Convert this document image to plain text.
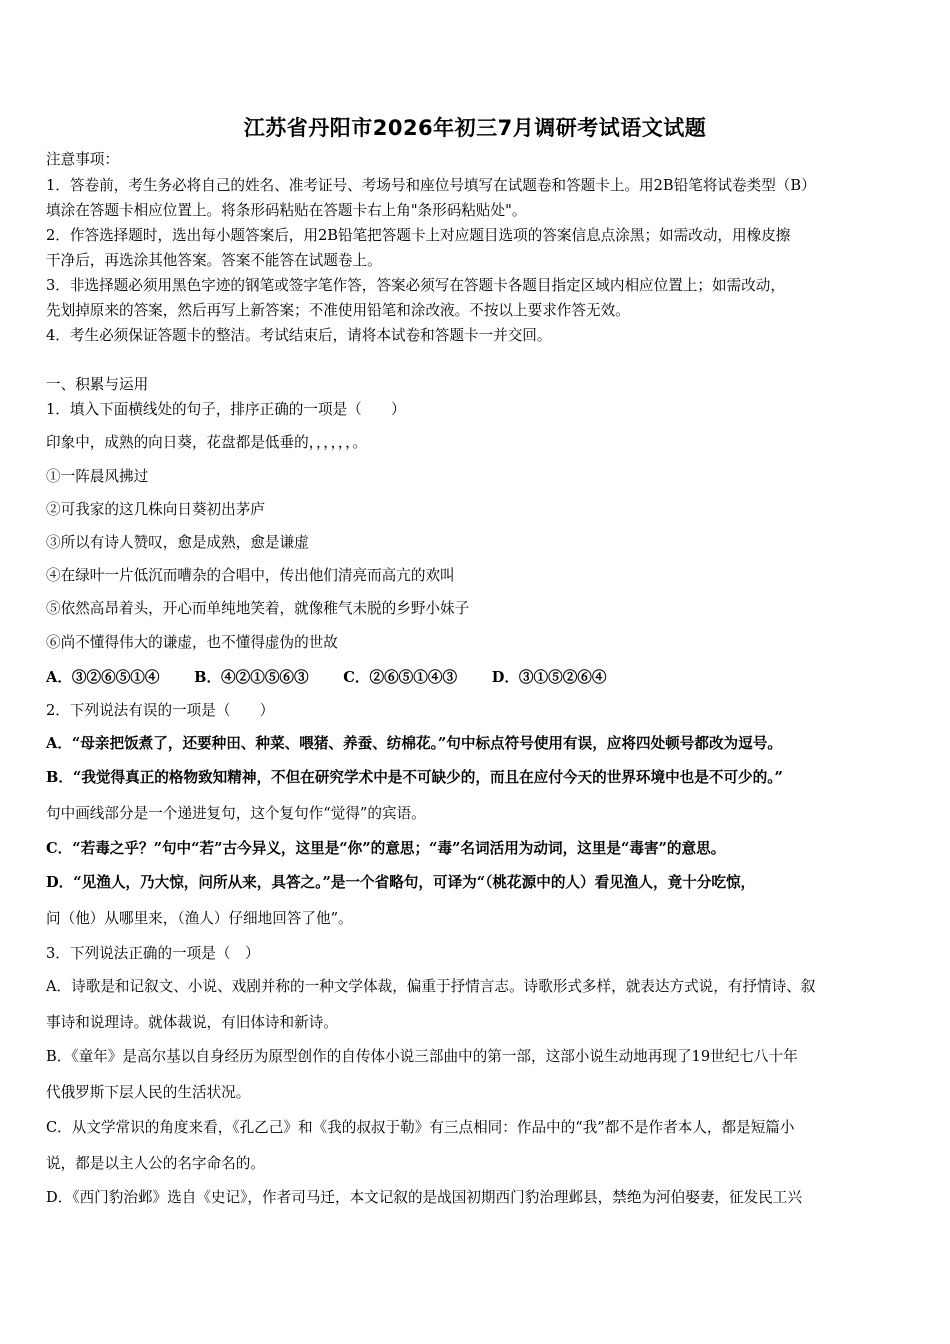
江苏省丹阳市2026年初三7月调研考试语文试题
注意事项：
1．答卷前，考生务必将自己的姓名、准考证号、考场号和座位号填写在试题卷和答题卡上。用2B铅笔将试卷类型（B）
填涂在答题卡相应位置上。将条形码粘贴在答题卡右上角"条形码粘贴处"。
2．作答选择题时，选出每小题答案后，用2B铅笔把答题卡上对应题目选项的答案信息点涂黑；如需改动，用橡皮擦
干净后，再选涂其他答案。答案不能答在试题卷上。
3．非选择题必须用黑色字迹的钢笔或签字笔作答，答案必须写在答题卡各题目指定区域内相应位置上；如需改动，
先划掉原来的答案，然后再写上新答案；不准使用铅笔和涂改液。不按以上要求作答无效。
4．考生必须保证答题卡的整洁。考试结束后，请将本试卷和答题卡一并交回。
一、积累与运用
1．填入下面横线处的句子，排序正确的一项是（　　）
印象中，成熟的向日葵，花盘都是低垂的，，，，，，。
①一阵晨风拂过
②可我家的这几株向日葵初出茅庐
③所以有诗人赞叹，愈是成熟，愈是谦虚
④在绿叶一片低沉而嘈杂的合唱中，传出他们清亮而高亢的欢叫
⑤依然高昂着头，开心而单纯地笑着，就像稚气未脱的乡野小妹子
⑥尚不懂得伟大的谦虚，也不懂得虚伪的世故
A．③②⑥⑤①④ B．④②①⑤⑥③ C．②⑥⑤①④③ D．③①⑤②⑥④
2．下列说法有误的一项是（　　）
A．“母亲把饭煮了，还要种田、种菜、喂猪、养蚕、纺棉花。”句中标点符号使用有误，应将四处顿号都改为逗号。
B．“我觉得真正的格物致知精神，不但在研究学术中是不可缺少的，而且在应付今天的世界环境中也是不可少的。”
句中画线部分是一个递进复句，这个复句作“觉得”的宾语。
C．“若毒之乎？”句中“若”古今异义，这里是“你”的意思；“毒”名词活用为动词，这里是“毒害”的意思。
D．“见渔人，乃大惊，问所从来，具答之。”是一个省略句，可译为“（桃花源中的人）看见渔人，竟十分吃惊，
问（他）从哪里来，（渔人）仔细地回答了他”。
3．下列说法正确的一项是（　）
A．诗歌是和记叙文、小说、戏剧并称的一种文学体裁，偏重于抒情言志。诗歌形式多样，就表达方式说，有抒情诗、叙
事诗和说理诗。就体裁说，有旧体诗和新诗。
B．《童年》是高尔基以自身经历为原型创作的自传体小说三部曲中的第一部，这部小说生动地再现了19世纪七八十年
代俄罗斯下层人民的生活状况。
C．从文学常识的角度来看，《孔乙己》和《我的叔叔于勒》有三点相同：作品中的“我”都不是作者本人，都是短篇小
说，都是以主人公的名字命名的。
D．《西门豹治邺》选自《史记》，作者司马迁，本文记叙的是战国初期西门豹治理邺县，禁绝为河伯娶妻，征发民工兴
